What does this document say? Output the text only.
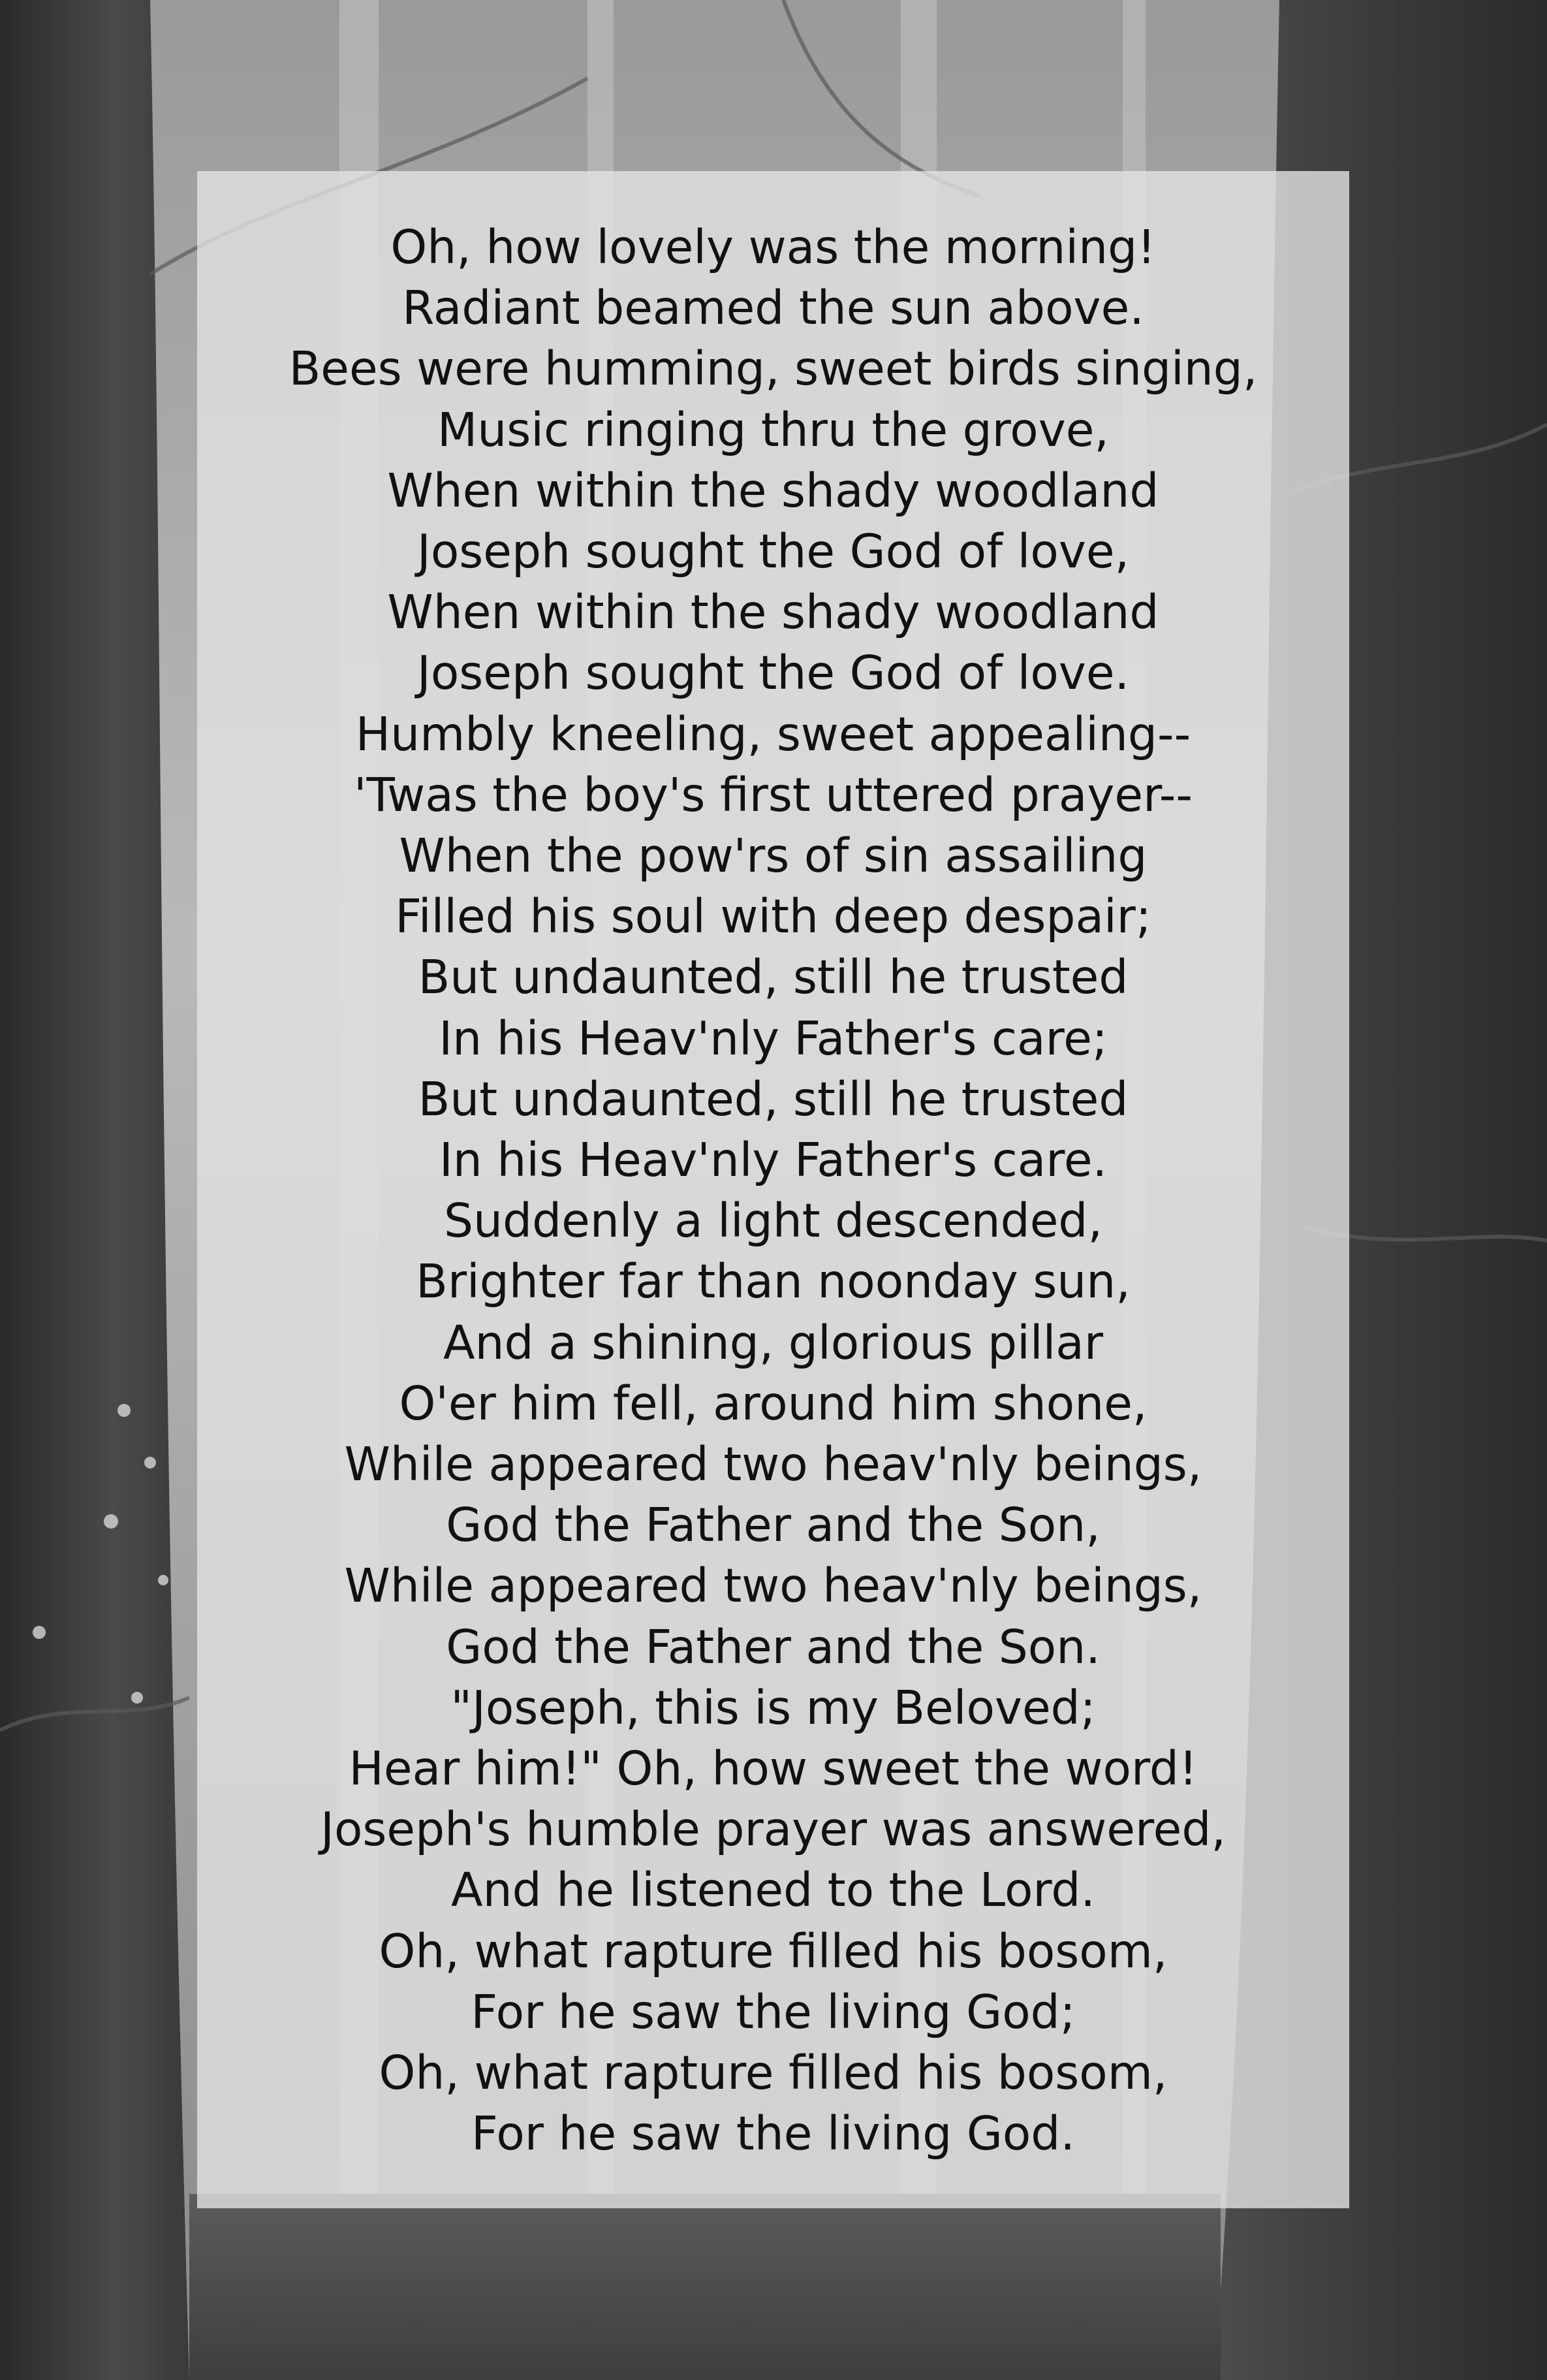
Oh, how lovely was the morning!
Radiant beamed the sun above.
Bees were humming, sweet birds singing,
Music ringing thru the grove,
When within the shady woodland
Joseph sought the God of love,
When within the shady woodland
Joseph sought the God of love.
Humbly kneeling, sweet appealing--
'Twas the boy's first uttered prayer--
When the pow'rs of sin assailing
Filled his soul with deep despair;
But undaunted, still he trusted
In his Heav'nly Father's care;
But undaunted, still he trusted
In his Heav'nly Father's care.
Suddenly a light descended,
Brighter far than noonday sun,
And a shining, glorious pillar
O'er him fell, around him shone,
While appeared two heav'nly beings,
God the Father and the Son,
While appeared two heav'nly beings,
God the Father and the Son.
"Joseph, this is my Beloved;
Hear him!" Oh, how sweet the word!
Joseph's humble prayer was answered,
And he listened to the Lord.
Oh, what rapture filled his bosom,
For he saw the living God;
Oh, what rapture filled his bosom,
For he saw the living God.
